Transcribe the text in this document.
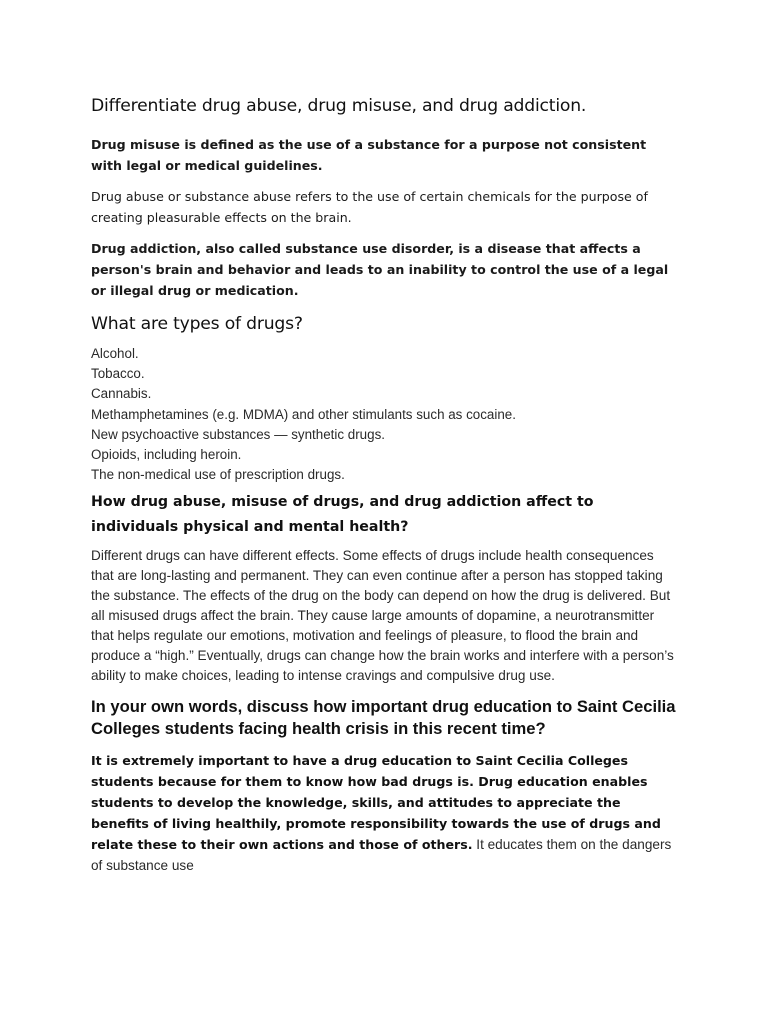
Differentiate drug abuse, drug misuse, and drug addiction.

Drug misuse is defined as the use of a substance for a purpose not consistent with legal or medical guidelines.

Drug abuse or substance abuse refers to the use of certain chemicals for the purpose of creating pleasurable effects on the brain.

Drug addiction, also called substance use disorder, is a disease that affects a person's brain and behavior and leads to an inability to control the use of a legal or illegal drug or medication.

What are types of drugs?
Alcohol.
Tobacco.
Cannabis.
Methamphetamines (e.g. MDMA) and other stimulants such as cocaine.
New psychoactive substances — synthetic drugs.
Opioids, including heroin.
The non-medical use of prescription drugs.
How drug abuse, misuse of drugs, and drug addiction affect to individuals physical and mental health?

Different drugs can have different effects. Some effects of drugs include health consequences that are long-lasting and permanent. They can even continue after a person has stopped taking the substance. The effects of the drug on the body can depend on how the drug is delivered. But all misused drugs affect the brain. They cause large amounts of dopamine, a neurotransmitter that helps regulate our emotions, motivation and feelings of pleasure, to flood the brain and produce a “high.” Eventually, drugs can change how the brain works and interfere with a person’s ability to make choices, leading to intense cravings and compulsive drug use.

In your own words, discuss how important drug education to Saint Cecilia Colleges students facing health crisis in this recent time?

It is extremely important to have a drug education to Saint Cecilia Colleges students because for them to know how bad drugs is. Drug education enables students to develop the knowledge, skills, and attitudes to appreciate the benefits of living healthily, promote responsibility towards the use of drugs and relate these to their own actions and those of others. It educates them on the dangers of substance use
